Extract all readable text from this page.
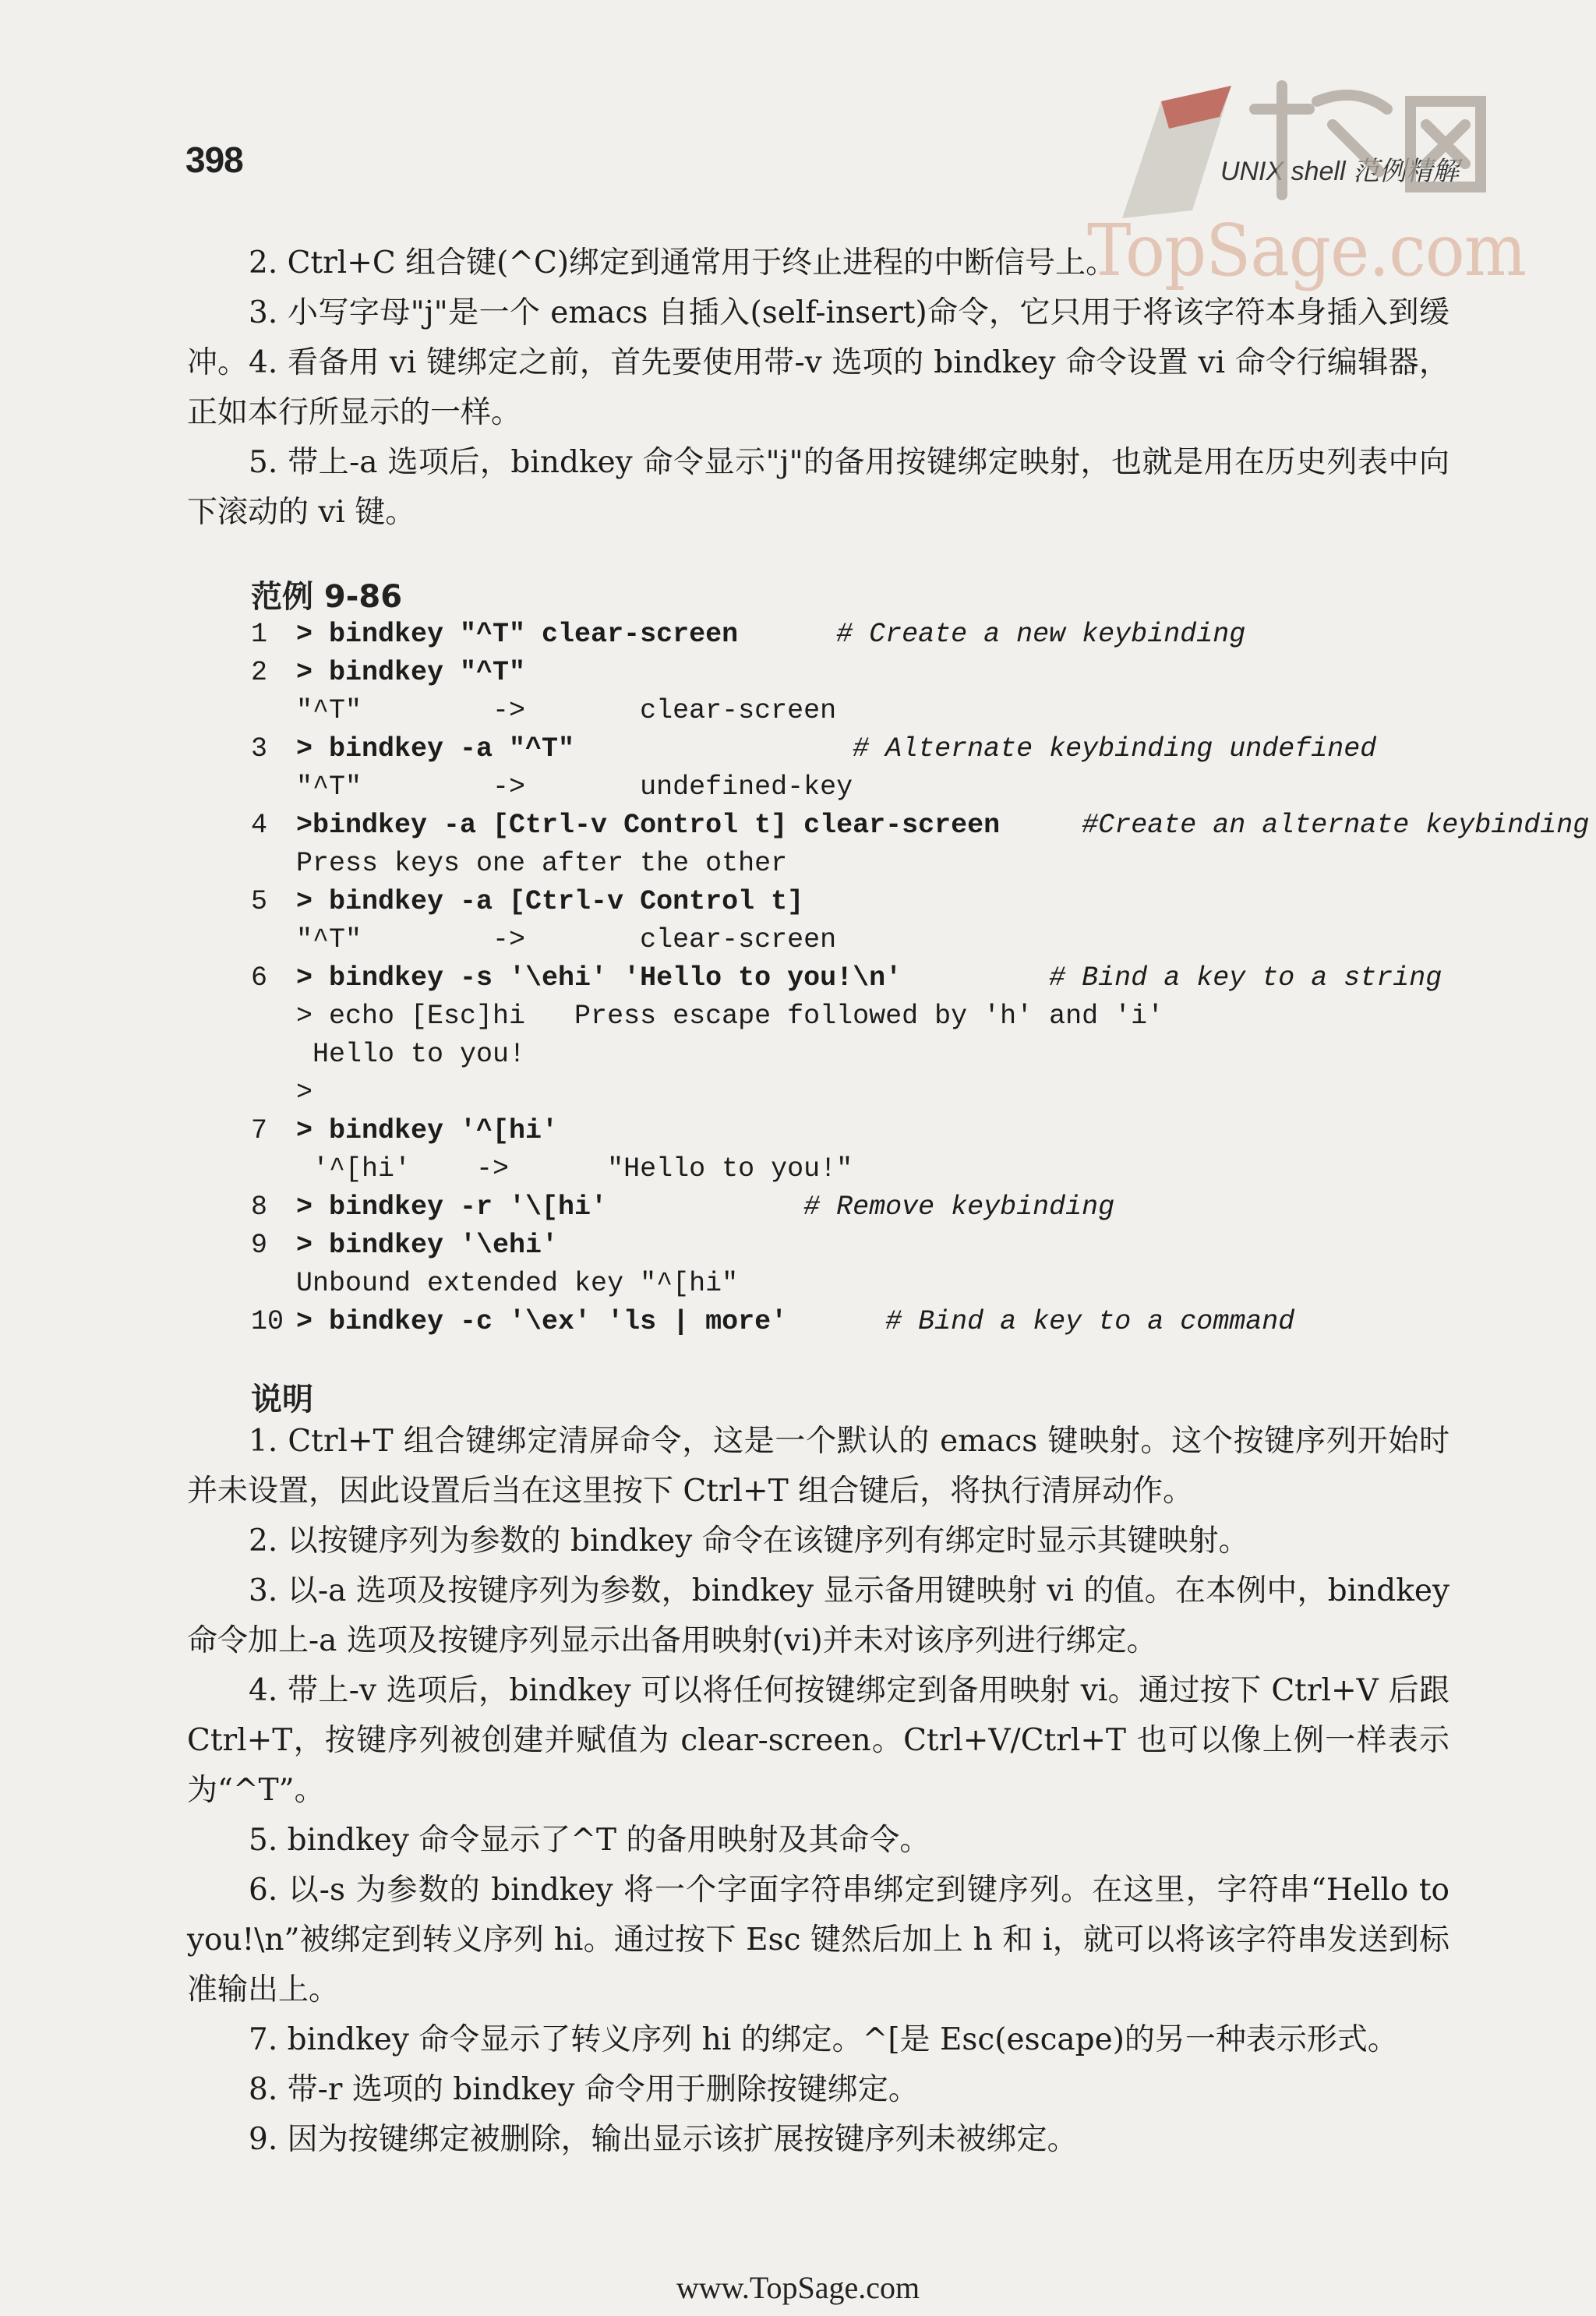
398	UNIX shell 范例精解
TopSage.com

2. Ctrl+C 组合键(^C)绑定到通常用于终止进程的中断信号上。

3. 小写字母"j"是一个 emacs 自插入(self-insert)命令，它只用于将该字符本身插入到缓冲。 4. 看备用 vi 键绑定之前，首先要使用带-v 选项的 bindkey 命令设置 vi 命令行编辑器，正如本行所显示的一样。

5. 带上-a 选项后，bindkey 命令显示"j"的备用按键绑定映射，也就是用在历史列表中向下滚动的 vi 键。

范例 9-86
1 > bindkey "^T" clear-screen	# Create a new keybinding
2 > bindkey "^T"
"^T"        ->       clear-screen
3 > bindkey -a "^T"	# Alternate keybinding undefined
"^T"        ->       undefined-key
4 >bindkey -a [Ctrl-v Control t] clear-screen	#Create an alternate keybinding
Press keys one after the other
5 > bindkey -a [Ctrl-v Control t]
"^T"        ->       clear-screen
6 > bindkey -s '\ehi' 'Hello to you!\n'	# Bind a key to a string
> echo [Esc]hi   Press escape followed by 'h' and 'i'
Hello to you!
>
7 > bindkey '^[hi'
'^[hi'    ->      "Hello to you!"
8 > bindkey -r '\[hi'	# Remove keybinding
9 > bindkey '\ehi'
Unbound extended key "^[hi"
10 > bindkey -c '\ex' 'ls | more'	# Bind a key to a command
说明

1. Ctrl+T 组合键绑定清屏命令，这是一个默认的 emacs 键映射。这个按键序列开始时并未设置，因此设置后当在这里按下 Ctrl+T 组合键后，将执行清屏动作。

2. 以按键序列为参数的 bindkey 命令在该键序列有绑定时显示其键映射。

3. 以-a 选项及按键序列为参数，bindkey 显示备用键映射 vi 的值。在本例中，bindkey 命令加上-a 选项及按键序列显示出备用映射(vi)并未对该序列进行绑定。

4. 带上-v 选项后，bindkey 可以将任何按键绑定到备用映射 vi。通过按下 Ctrl+V 后跟 Ctrl+T，按键序列被创建并赋值为 clear-screen。Ctrl+V/Ctrl+T 也可以像上例一样表示为“^T”。

5. bindkey 命令显示了^T 的备用映射及其命令。

6. 以-s 为参数的 bindkey 将一个字面字符串绑定到键序列。在这里，字符串“Hello to you!\n”被绑定到转义序列 hi。通过按下 Esc 键然后加上 h 和 i，就可以将该字符串发送到标准输出上。

7. bindkey 命令显示了转义序列 hi 的绑定。^[是 Esc(escape)的另一种表示形式。

8. 带-r 选项的 bindkey 命令用于删除按键绑定。

9. 因为按键绑定被删除，输出显示该扩展按键序列未被绑定。

www.TopSage.com
